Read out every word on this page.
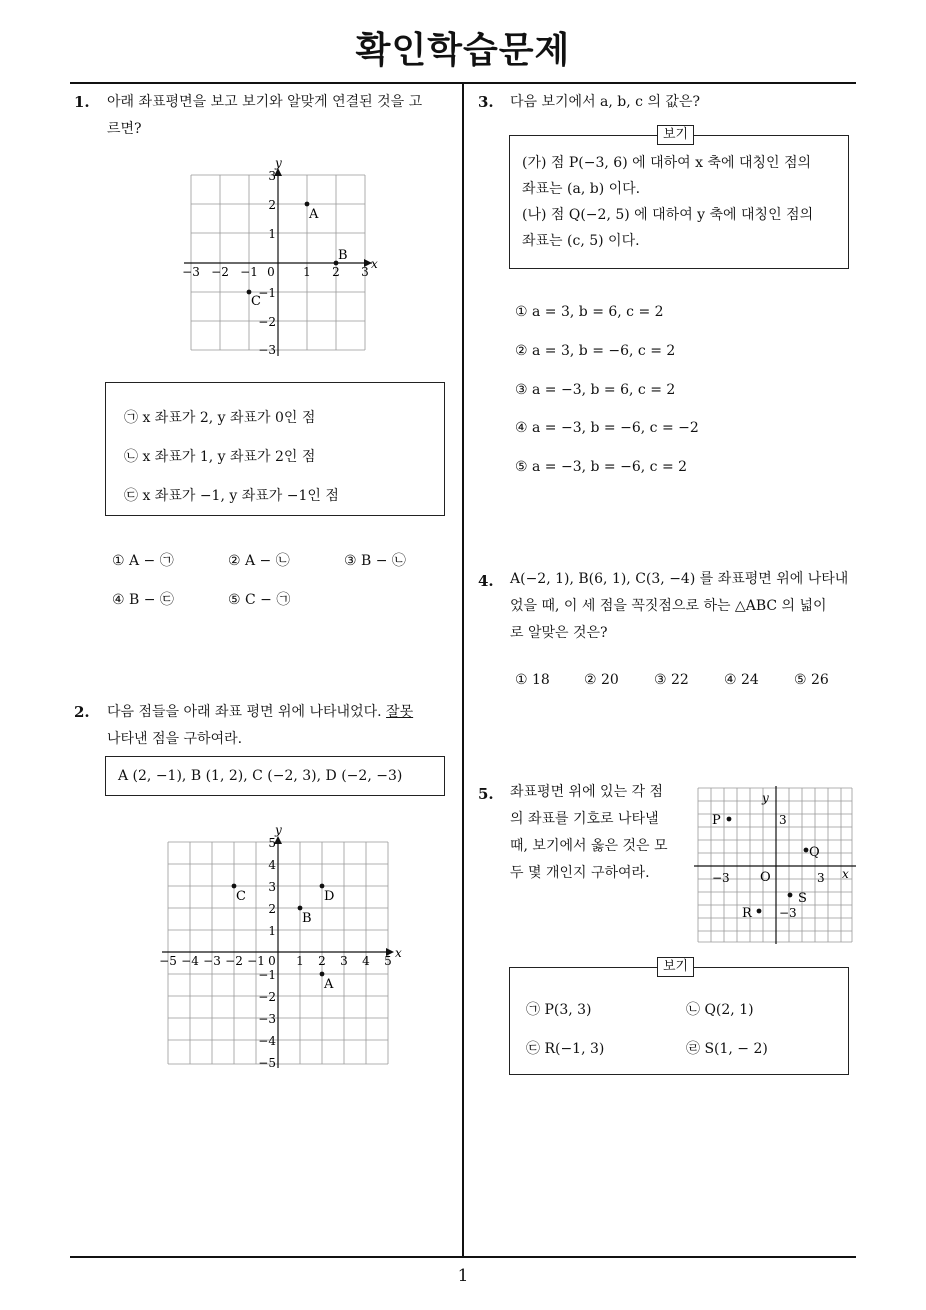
확인학습문제
1
1. 아래 좌표평면을 보고 보기와 알맞게 연결된 것을 고
르면?
x
y
−3 −2 −1 0 1 2 3
3
2
1
−1
−2
−3
A
B
C
㉠ x 좌표가 2, y 좌표가 0인 점
㉡ x 좌표가 1, y 좌표가 2인 점
㉢ x 좌표가 −1, y 좌표가 −1인 점
① A − ㉠	② A − ㉡	③ B − ㉡
④ B − ㉢	⑤ C − ㉠
2. 다음 점들을 아래 좌표 평면 위에 나타내었다. 잘못
나타낸 점을 구하여라.
A (2, −1), B (1, 2), C (−2, 3), D (−2, −3)
x
y
−5 −4 −3 −2 −1 0 1 2 3 4 5
5
4
3
2
1
−1
−2
−3
−4
−5
C	D
B
A
3. 다음 보기에서 a, b, c 의 값은?
(가) 점 P(−3, 6) 에 대하여 x 축에 대칭인 점의
좌표는 (a, b) 이다.
(나) 점 Q(−2, 5) 에 대하여 y 축에 대칭인 점의
좌표는 (c, 5) 이다.
보기
① a = 3, b = 6, c = 2
② a = 3, b = −6, c = 2
③ a = −3, b = 6, c = 2
④ a = −3, b = −6, c = −2
⑤ a = −3, b = −6, c = 2
4. A(−2, 1), B(6, 1), C(3, −4) 를 좌표평면 위에 나타내
었을 때, 이 세 점을 꼭짓점으로 하는 △ABC 의 넓이
로 알맞은 것은?
① 18 ② 20	③ 22	④ 24	⑤ 26
5. 좌표평면 위에 있는 각 점
의 좌표를 기호로 나타낼
때, 보기에서 옳은 것은 모
두 몇 개인지 구하여라.	x
y
O
−3	3
3
−3
P
Q
R
S
㉠ P(3, 3)	㉡ Q(2, 1)
㉢ R(−1, 3)	㉣ S(1, − 2)
보기
